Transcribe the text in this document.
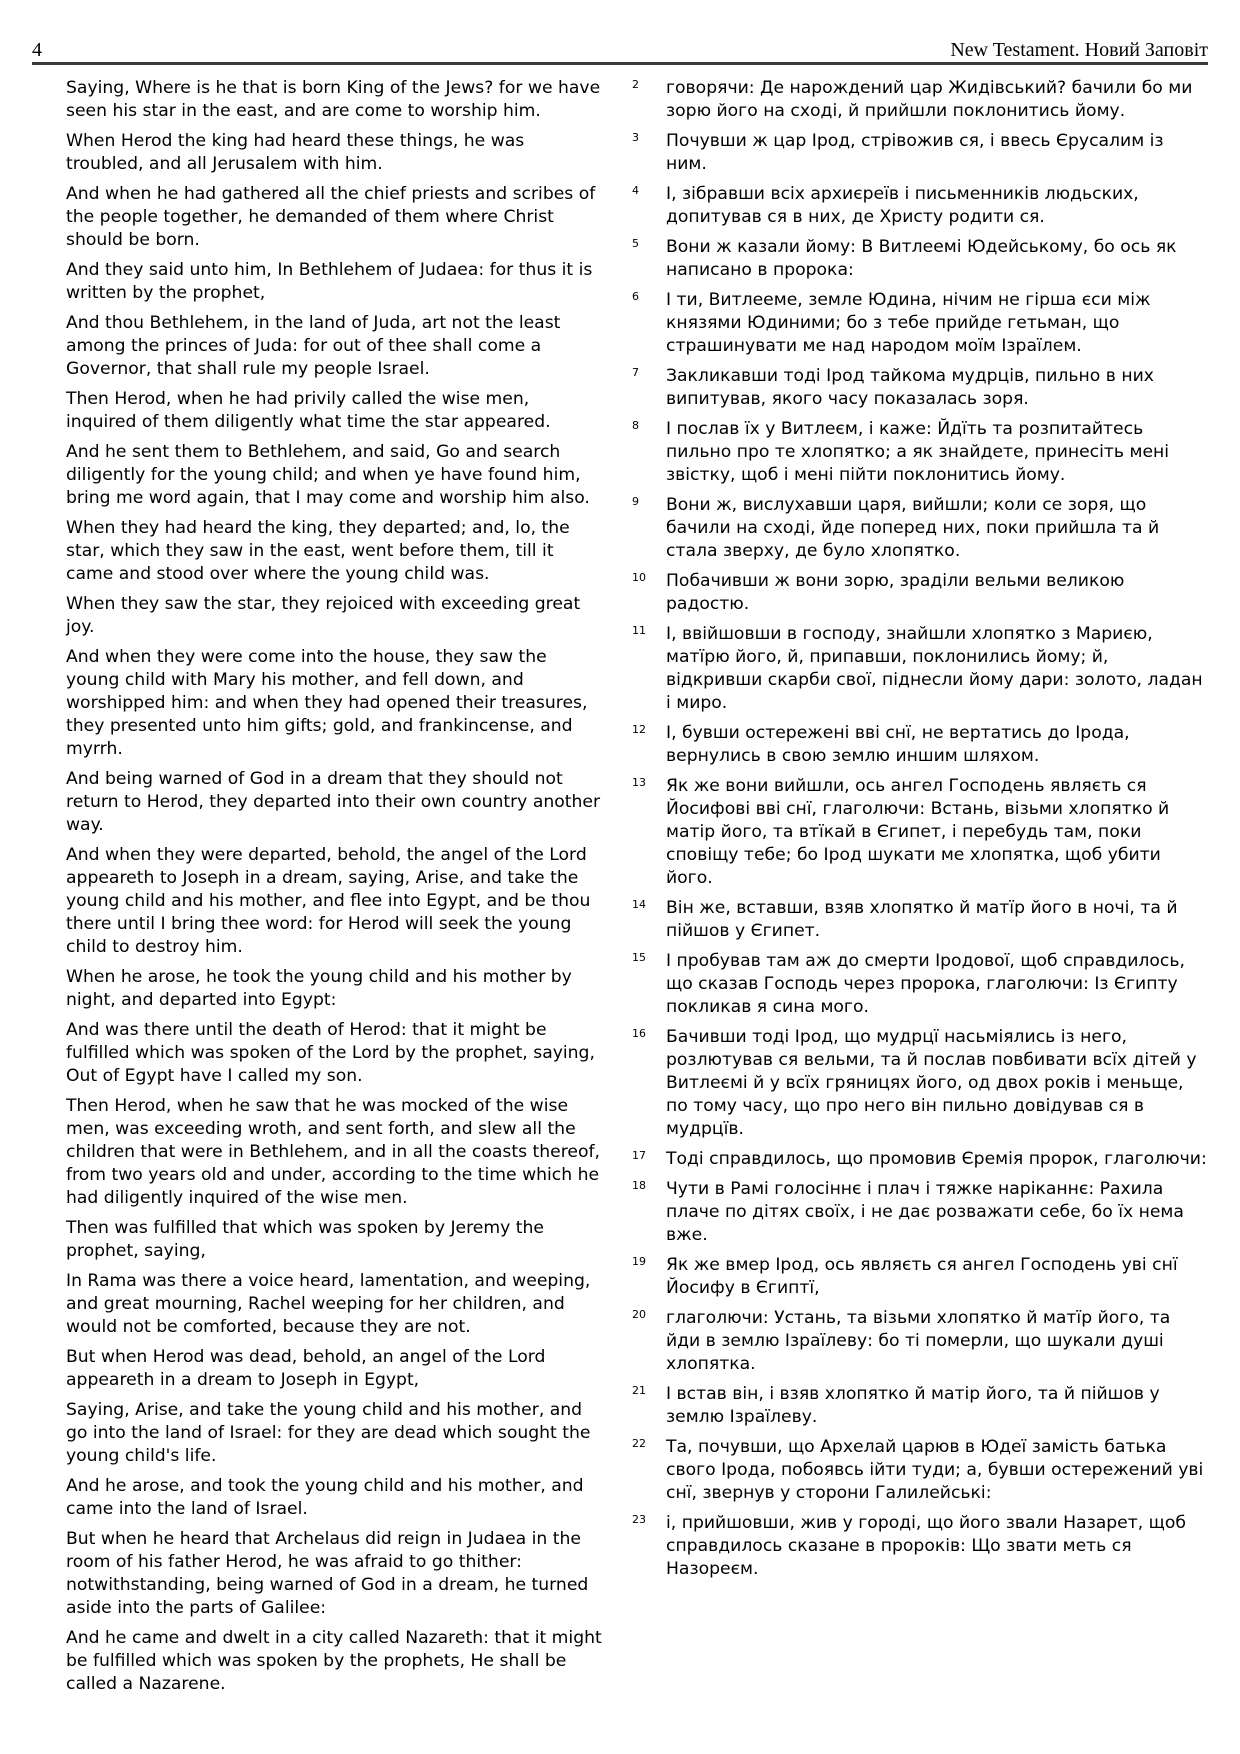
4	New Testament. Новий Заповіт
Saying, Where is he that is born King of the Jews? for we have seen his star in the east, and are come to worship him.
When Herod the king had heard these things, he was troubled, and all Jerusalem with him.
And when he had gathered all the chief priests and scribes of the people together, he demanded of them where Christ should be born.
And they said unto him, In Bethlehem of Judaea: for thus it is written by the prophet,
And thou Bethlehem, in the land of Juda, art not the least among the princes of Juda: for out of thee shall come a Governor, that shall rule my people Israel.
Then Herod, when he had privily called the wise men, inquired of them diligently what time the star appeared.
And he sent them to Bethlehem, and said, Go and search diligently for the young child; and when ye have found him, bring me word again, that I may come and worship him also.
When they had heard the king, they departed; and, lo, the star, which they saw in the east, went before them, till it came and stood over where the young child was.
When they saw the star, they rejoiced with exceeding great joy.
And when they were come into the house, they saw the young child with Mary his mother, and fell down, and worshipped him: and when they had opened their treasures, they presented unto him gifts; gold, and frankincense, and myrrh.
And being warned of God in a dream that they should not return to Herod, they departed into their own country another way.
And when they were departed, behold, the angel of the Lord appeareth to Joseph in a dream, saying, Arise, and take the young child and his mother, and flee into Egypt, and be thou there until I bring thee word: for Herod will seek the young child to destroy him.
When he arose, he took the young child and his mother by night, and departed into Egypt:
And was there until the death of Herod: that it might be fulfilled which was spoken of the Lord by the prophet, saying, Out of Egypt have I called my son.
Then Herod, when he saw that he was mocked of the wise men, was exceeding wroth, and sent forth, and slew all the children that were in Bethlehem, and in all the coasts thereof, from two years old and under, according to the time which he had diligently inquired of the wise men.
Then was fulfilled that which was spoken by Jeremy the prophet, saying,
In Rama was there a voice heard, lamentation, and weeping, and great mourning, Rachel weeping for her children, and would not be comforted, because they are not.
But when Herod was dead, behold, an angel of the Lord appeareth in a dream to Joseph in Egypt,
Saying, Arise, and take the young child and his mother, and go into the land of Israel: for they are dead which sought the young child's life.
And he arose, and took the young child and his mother, and came into the land of Israel.
But when he heard that Archelaus did reign in Judaea in the room of his father Herod, he was afraid to go thither: notwithstanding, being warned of God in a dream, he turned aside into the parts of Galilee:
And he came and dwelt in a city called Nazareth: that it might be fulfilled which was spoken by the prophets, He shall be called a Nazarene.
2	говорячи: Де нарождений цар Жидівський? бачили бо ми зорю його на сході, й прийшли поклонитись йому.
3	Почувши ж цар Ірод, стрівожив ся, і ввесь Єрусалим із ним.
4	І, зібравши всіх архиєреїв і письменників людьских, допитував ся в них, де Христу родити ся.
5	Вони ж казали йому: В Витлеемі Юдейському, бо ось як написано в пророка:
6	І ти, Витлееме, земле Юдина, нічим не гірша єси між князями Юдиними; бо з тебе прийде гетьман, що страшинувати ме над народом моїм Ізраїлем.
7	Закликавши тоді Ірод тайкома мудрців, пильно в них випитував, якого часу показалась зоря.
8	І послав їх у Витлеєм, і каже: Йдїть та розпитайтесь пильно про те хлопятко; а як знайдете, принесіть мені звістку, щоб і мені пійти поклонитись йому.
9	Вони ж, вислухавши царя, вийшли; коли се зоря, що бачили на сході, йде поперед них, поки прийшла та й стала зверху, де було хлопятко.
10	Побачивши ж вони зорю, зраділи вельми великою радостю.
11	І, ввійшовши в господу, знайшли хлопятко з Мариєю, матїрю його, й, припавши, поклонились йому; й, відкривши скарби свої, піднесли йому дари: золото, ладан і миро.
12	І, бувши остережені вві снї, не вертатись до Ірода, вернулись в свою землю иншим шляхом.
13	Як же вони вийшли, ось ангел Господень являєть ся Йосифові вві снї, глаголючи: Встань, візьми хлопятко й матір його, та втїкай в Єгипет, і перебудь там, поки сповіщу тебе; бо Ірод шукати ме хлопятка, щоб убити його.
14	Він же, вставши, взяв хлопятко й матїр його в ночі, та й пійшов у Єгипет.
15	І пробував там аж до смерти Іродової, щоб справдилось, що сказав Господь через пророка, глаголючи: Із Єгипту покликав я сина мого.
16	Бачивши тоді Ірод, що мудрцї насьміялись із него, розлютував ся вельми, та й послав повбивати всїх дітей у Витлеємі й у всїх гряницях його, од двох років і меньще, по тому часу, що про него він пильно довідував ся в мудрцїв.
17	Тоді справдилось, що промовив Єремія пророк, глаголючи:
18	Чути в Рамі голосіннє і плач і тяжке наріканнє: Рахила плаче по дітях своїх, і не дає розважати себе, бо їх нема вже.
19	Як же вмер Ірод, ось являєть ся ангел Господень уві снї Йосифу в Єгиптї,
20	глаголючи: Устань, та візьми хлопятко й матїр його, та йди в землю Ізраїлеву: бо ті померли, що шукали душі хлопятка.
21	І встав він, і взяв хлопятко й матір його, та й пійшов у землю Ізраїлеву.
22	Та, почувши, що Архелай царюв в Юдеї замість батька свого Ірода, побоявсь ійти туди; а, бувши остережений уві снї, звернув у сторони Галилейські:
23	і, прийшовши, жив у городі, що його звали Назарет, щоб справдилось сказане в пророків: Що звати меть ся Назореєм.
